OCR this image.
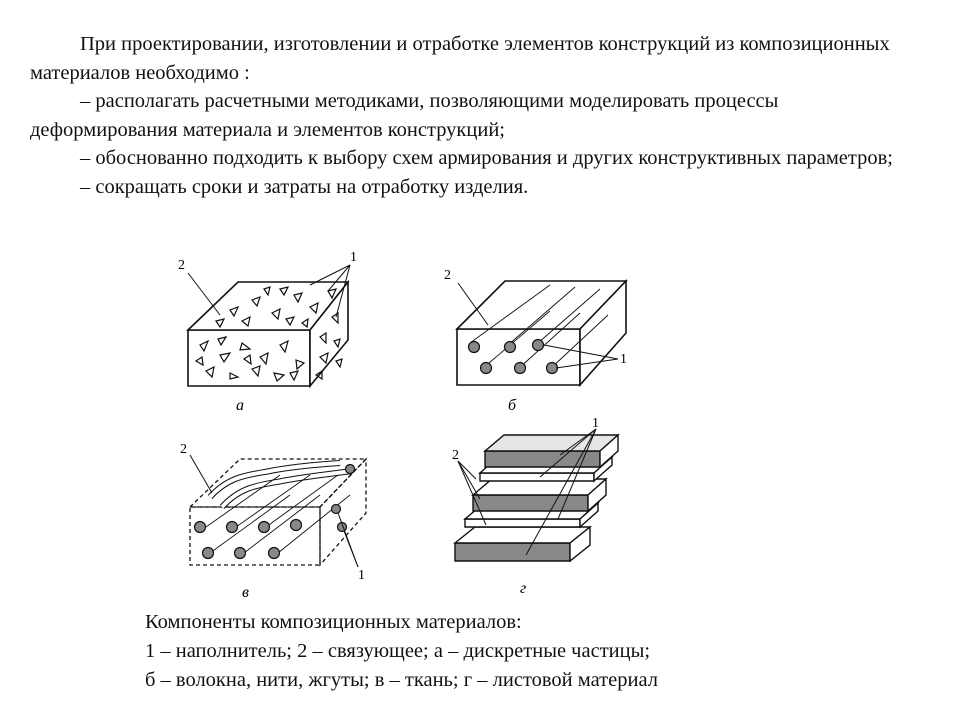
При проектировании, изготовлении и отработке элементов конструкций из композиционных материалов необходимо :

– располагать расчетными методиками, позволяющими моделировать процессы деформирования материала и элементов конструкций;

– обоснованно подходить к выбору схем армирования и других конструктивных параметров;

– сокращать сроки и затраты на отработку изделия.

2
1
а
2
1
б
2
1
в
1
2
г
Компоненты композиционных материалов:
1 – наполнитель; 2 – связующее; а – дискретные частицы;
б – волокна, нити, жгуты; в – ткань; г – листовой материал
